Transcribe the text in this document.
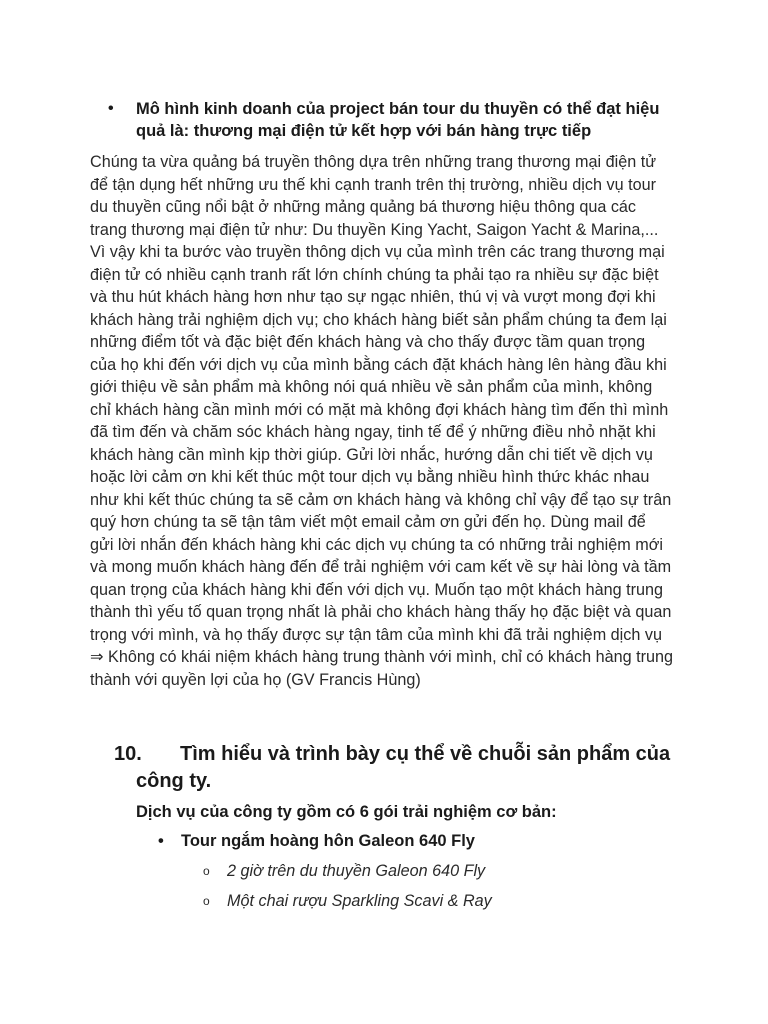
• Mô hình kinh doanh của project bán tour du thuyền có thể đạt hiệu quả là: thương mại điện tử kết hợp với bán hàng trực tiếp
Chúng ta vừa quảng bá truyền thông dựa trên những trang thương mại điện tử
để tận dụng hết những ưu thế khi cạnh tranh trên thị trường, nhiều dịch vụ tour
du thuyền cũng nổi bật ở những mảng quảng bá thương hiệu thông qua các
trang thương mại điện tử như: Du thuyền King Yacht, Saigon Yacht & Marina,...
Vì vậy khi ta bước vào truyền thông dịch vụ của mình trên các trang thương mại
điện tử có nhiều cạnh tranh rất lớn chính chúng ta phải tạo ra nhiều sự đặc biệt
và thu hút khách hàng hơn như tạo sự ngạc nhiên, thú vị và vượt mong đợi khi
khách hàng trải nghiệm dịch vụ; cho khách hàng biết sản phẩm chúng ta đem lại
những điểm tốt và đặc biệt đến khách hàng và cho thấy được tầm quan trọng
của họ khi đến với dịch vụ của mình bằng cách đặt khách hàng lên hàng đầu khi
giới thiệu về sản phẩm mà không nói quá nhiều về sản phẩm của mình, không
chỉ khách hàng cần mình mới có mặt mà không đợi khách hàng tìm đến thì mình
đã tìm đến và chăm sóc khách hàng ngay, tinh tế để ý những điều nhỏ nhặt khi
khách hàng cần mình kịp thời giúp. Gửi lời nhắc, hướng dẫn chi tiết về dịch vụ
hoặc lời cảm ơn khi kết thúc một tour dịch vụ bằng nhiều hình thức khác nhau
như khi kết thúc chúng ta sẽ cảm ơn khách hàng và không chỉ vậy để tạo sự trân
quý hơn chúng ta sẽ tận tâm viết một email cảm ơn gửi đến họ. Dùng mail để
gửi lời nhắn đến khách hàng khi các dịch vụ chúng ta có những trải nghiệm mới
và mong muốn khách hàng đến để trải nghiệm với cam kết về sự hài lòng và tầm
quan trọng của khách hàng khi đến với dịch vụ. Muốn tạo một khách hàng trung
thành thì yếu tố quan trọng nhất là phải cho khách hàng thấy họ đặc biệt và quan
trọng với mình, và họ thấy được sự tận tâm của mình khi đã trải nghiệm dịch vụ
⇒ Không có khái niệm khách hàng trung thành với mình, chỉ có khách hàng trung
thành với quyền lợi của họ (GV Francis Hùng)
10. Tìm hiểu và trình bày cụ thể về chuỗi sản phẩm của
công ty.
Dịch vụ của công ty gồm có 6 gói trải nghiệm cơ bản:
• Tour ngắm hoàng hôn Galeon 640 Fly
o 2 giờ trên du thuyền Galeon 640 Fly
o Một chai rượu Sparkling Scavi & Ray
